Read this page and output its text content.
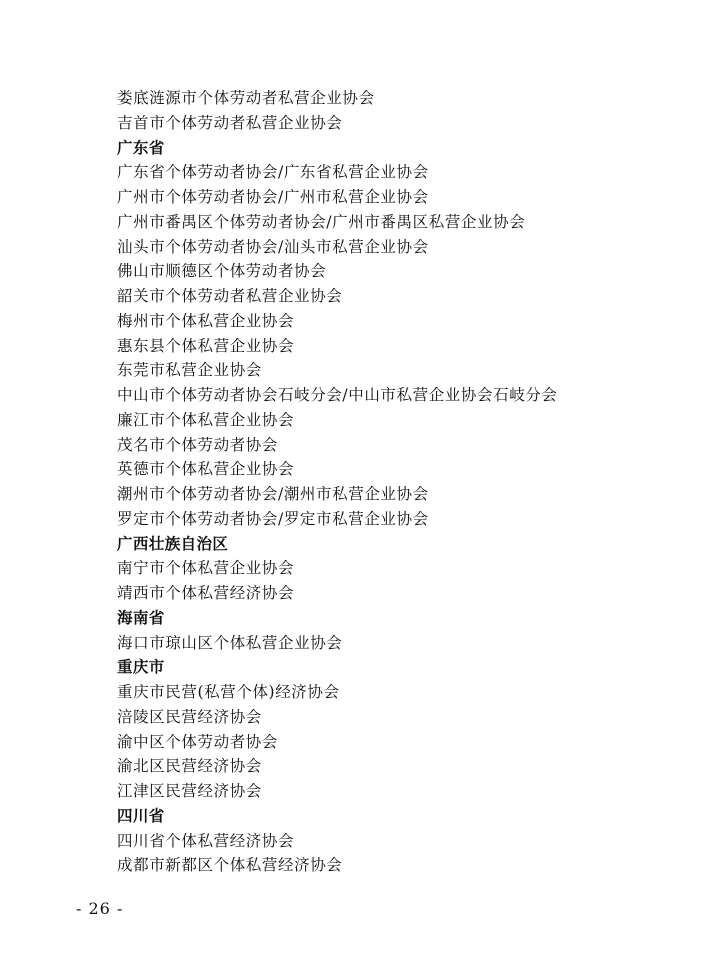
娄底涟源市个体劳动者私营企业协会
吉首市个体劳动者私营企业协会
广东省
广东省个体劳动者协会/广东省私营企业协会
广州市个体劳动者协会/广州市私营企业协会
广州市番禺区个体劳动者协会/广州市番禺区私营企业协会
汕头市个体劳动者协会/汕头市私营企业协会
佛山市顺德区个体劳动者协会
韶关市个体劳动者私营企业协会
梅州市个体私营企业协会
惠东县个体私营企业协会
东莞市私营企业协会
中山市个体劳动者协会石岐分会/中山市私营企业协会石岐分会
廉江市个体私营企业协会
茂名市个体劳动者协会
英德市个体私营企业协会
潮州市个体劳动者协会/潮州市私营企业协会
罗定市个体劳动者协会/罗定市私营企业协会
广西壮族自治区
南宁市个体私营企业协会
靖西市个体私营经济协会
海南省
海口市琼山区个体私营企业协会
重庆市
重庆市民营(私营个体)经济协会
涪陵区民营经济协会
渝中区个体劳动者协会
渝北区民营经济协会
江津区民营经济协会
四川省
四川省个体私营经济协会
成都市新都区个体私营经济协会
- 26 -
